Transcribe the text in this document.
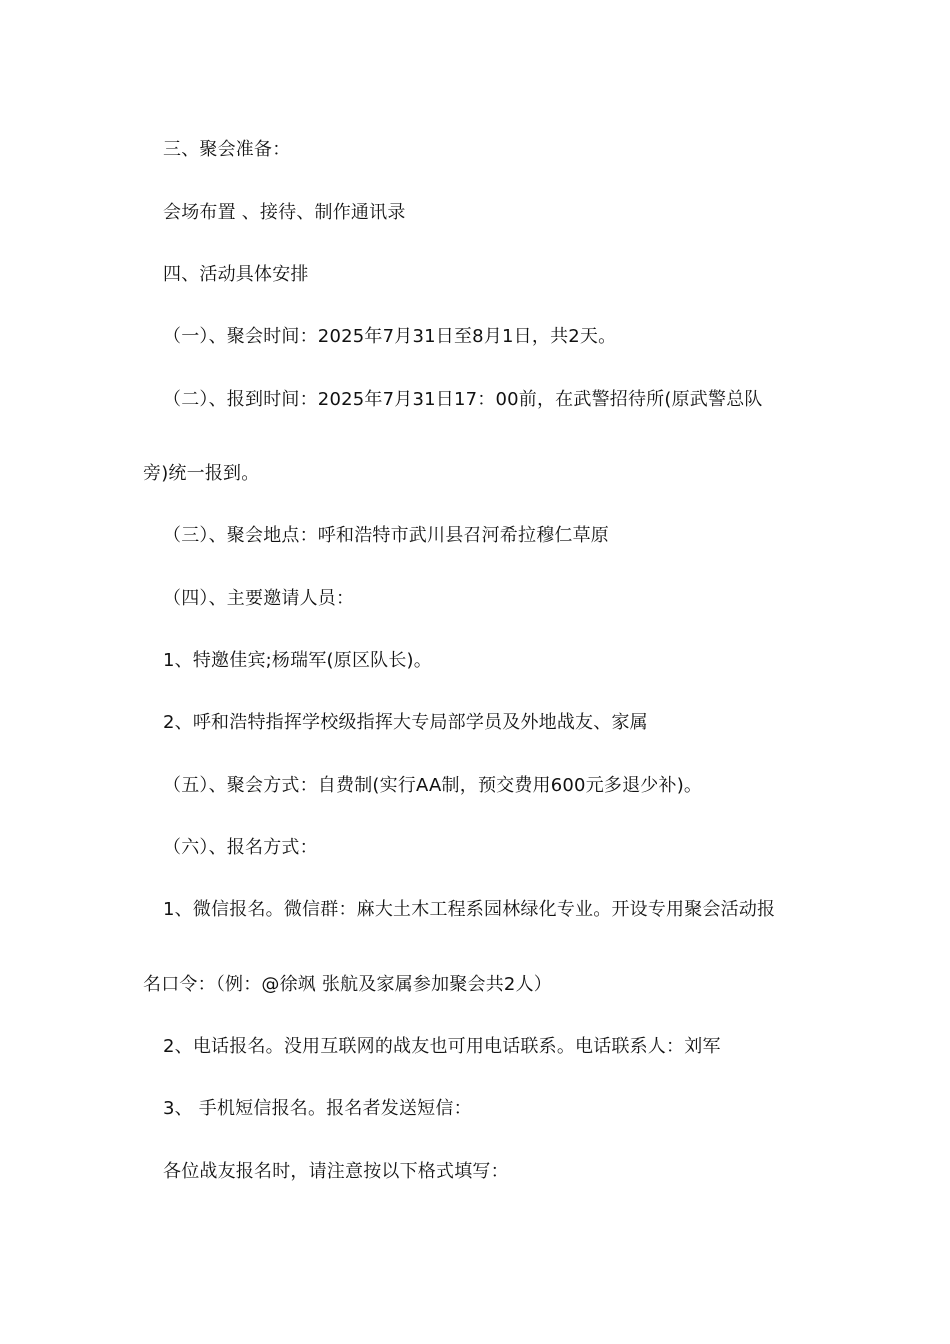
三、聚会准备：
会场布置 、接待、制作通讯录
四、活动具体安排
（一）、聚会时间：2025年7月31日至8月1日，共2天。
（二）、报到时间：2025年7月31日17：00前，在武警招待所(原武警总队
旁)统一报到。
（三）、聚会地点：呼和浩特市武川县召河希拉穆仁草原
（四）、主要邀请人员：
1、特邀佳宾;杨瑞军(原区队长)。
2、呼和浩特指挥学校级指挥大专局部学员及外地战友、家属
（五）、聚会方式：自费制(实行AA制，预交费用600元多退少补)。
（六）、报名方式：
1、微信报名。微信群：麻大土木工程系园林绿化专业。开设专用聚会活动报
名口令：（例：@徐飒 张航及家属参加聚会共2人）
2、电话报名。没用互联网的战友也可用电话联系。电话联系人：刘军
3、 手机短信报名。报名者发送短信：
各位战友报名时，请注意按以下格式填写：
